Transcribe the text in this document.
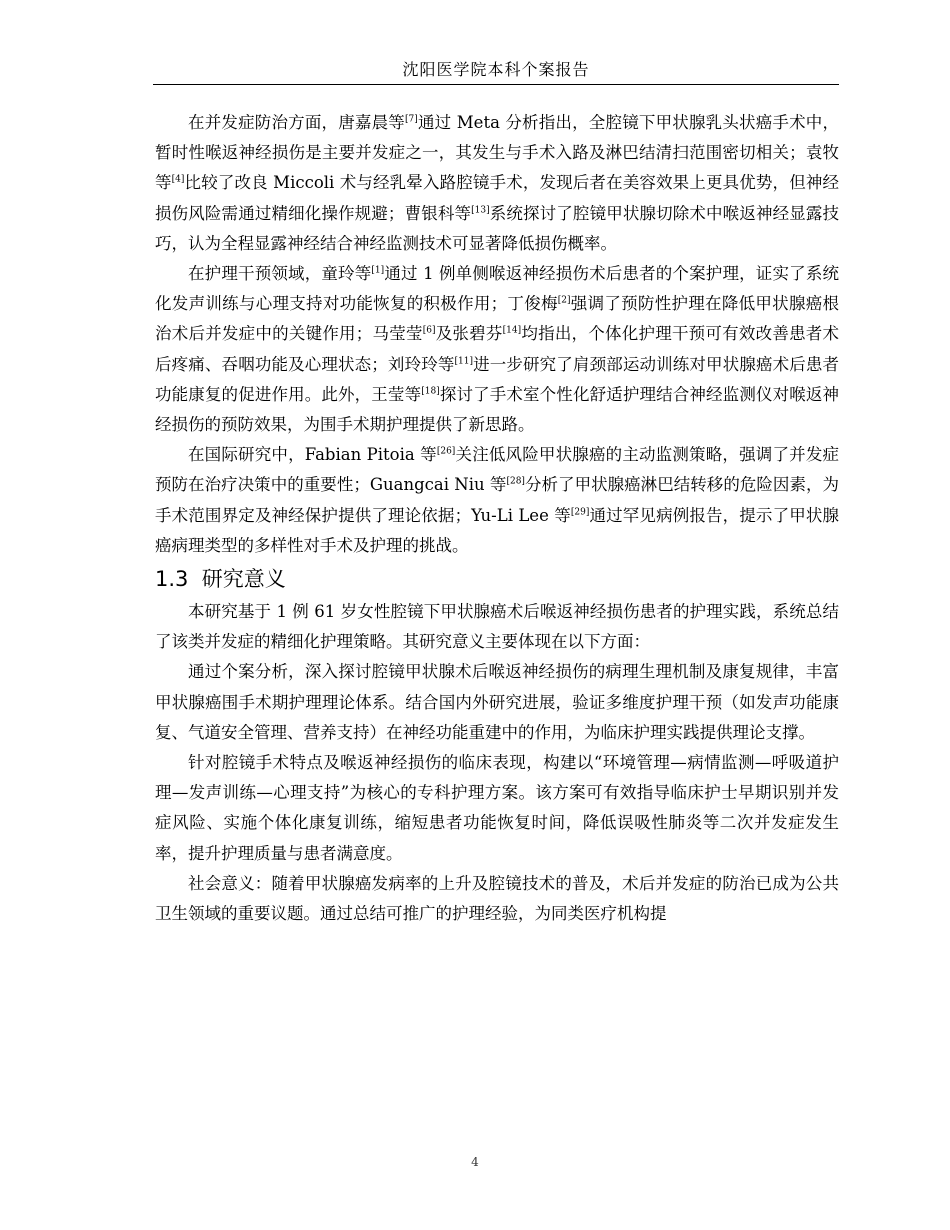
沈阳医学院本科个案报告

在并发症防治方面，唐嘉晨等[7]通过 Meta 分析指出，全腔镜下甲状腺乳头状癌手术中，暂时性喉返神经损伤是主要并发症之一，其发生与手术入路及淋巴结清扫范围密切相关；袁牧等[4]比较了改良 Miccoli 术与经乳晕入路腔镜手术，发现后者在美容效果上更具优势，但神经损伤风险需通过精细化操作规避；曹银科等[13]系统探讨了腔镜甲状腺切除术中喉返神经显露技巧，认为全程显露神经结合神经监测技术可显著降低损伤概率。

在护理干预领域，童玲等[1]通过 1 例单侧喉返神经损伤术后患者的个案护理，证实了系统化发声训练与心理支持对功能恢复的积极作用；丁俊梅[2]强调了预防性护理在降低甲状腺癌根治术后并发症中的关键作用；马莹莹[6]及张碧芬[14]均指出，个体化护理干预可有效改善患者术后疼痛、吞咽功能及心理状态；刘玲玲等[11]进一步研究了肩颈部运动训练对甲状腺癌术后患者功能康复的促进作用。此外，王莹等[18]探讨了手术室个性化舒适护理结合神经监测仪对喉返神经损伤的预防效果，为围手术期护理提供了新思路。

在国际研究中，Fabian Pitoia 等[26]关注低风险甲状腺癌的主动监测策略，强调了并发症预防在治疗决策中的重要性；Guangcai Niu 等[28]分析了甲状腺癌淋巴结转移的危险因素，为手术范围界定及神经保护提供了理论依据；Yu-Li Lee 等[29]通过罕见病例报告，提示了甲状腺癌病理类型的多样性对手术及护理的挑战。

1.3 研究意义

本研究基于 1 例 61 岁女性腔镜下甲状腺癌术后喉返神经损伤患者的护理实践，系统总结了该类并发症的精细化护理策略。其研究意义主要体现在以下方面：

通过个案分析，深入探讨腔镜甲状腺术后喉返神经损伤的病理生理机制及康复规律，丰富甲状腺癌围手术期护理理论体系。结合国内外研究进展，验证多维度护理干预（如发声功能康复、气道安全管理、营养支持）在神经功能重建中的作用，为临床护理实践提供理论支撑。

针对腔镜手术特点及喉返神经损伤的临床表现，构建以“环境管理—病情监测—呼吸道护理—发声训练—心理支持”为核心的专科护理方案。该方案可有效指导临床护士早期识别并发症风险、实施个体化康复训练，缩短患者功能恢复时间，降低误吸性肺炎等二次并发症发生率，提升护理质量与患者满意度。

社会意义：随着甲状腺癌发病率的上升及腔镜技术的普及，术后并发症的防治已成为公共卫生领域的重要议题。通过总结可推广的护理经验，为同类医疗机构提

4
